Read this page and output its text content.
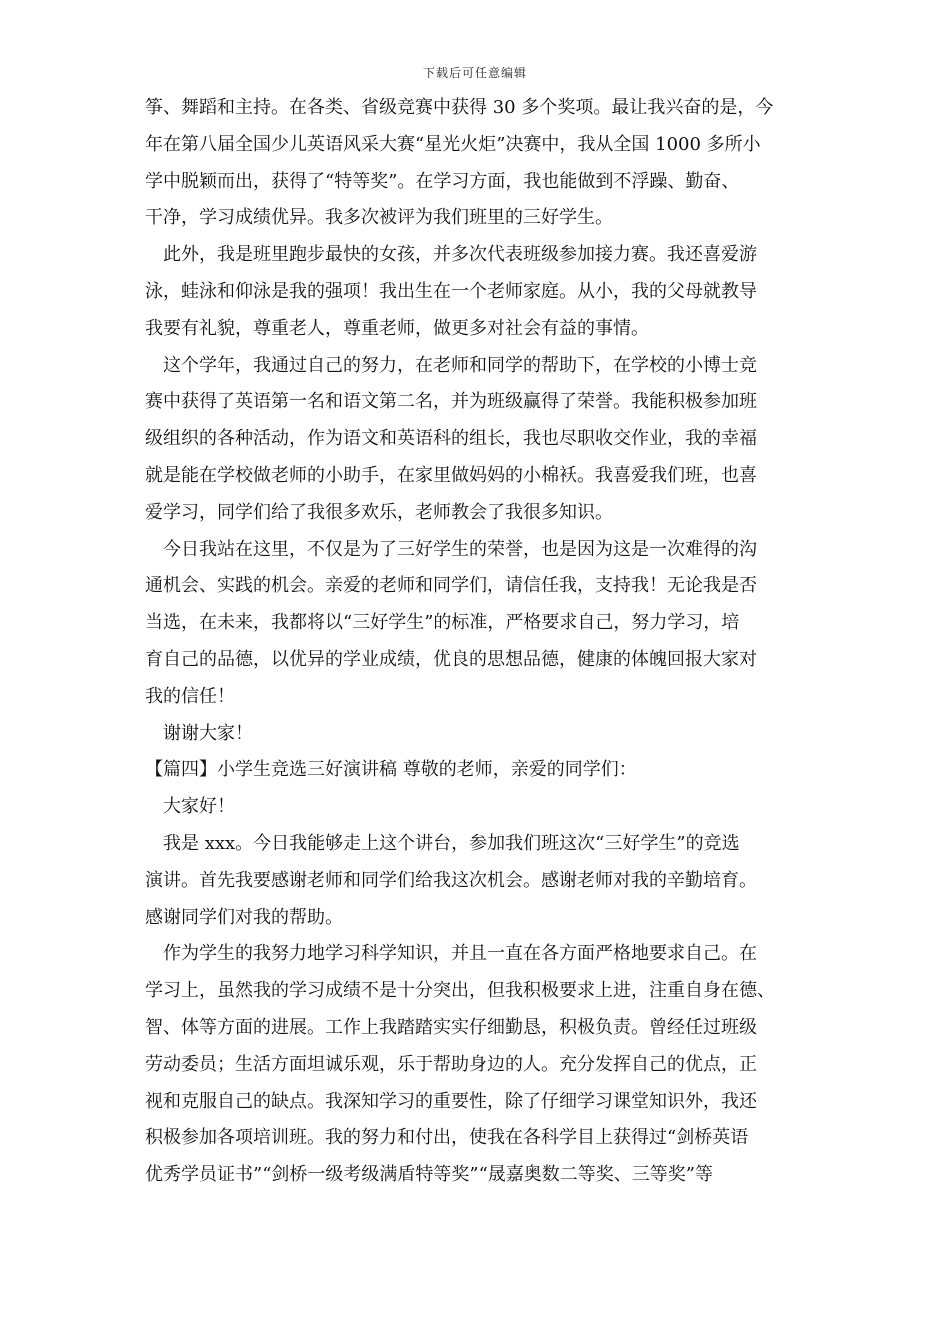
下载后可任意编辑
筝、舞蹈和主持。在各类、省级竞赛中获得 30 多个奖项。最让我兴奋的是，今
年在第八届全国少儿英语风采大赛“星光火炬”决赛中，我从全国 1000 多所小
学中脱颖而出，获得了“特等奖”。在学习方面，我也能做到不浮躁、勤奋、
干净，学习成绩优异。我多次被评为我们班里的三好学生。
此外，我是班里跑步最快的女孩，并多次代表班级参加接力赛。我还喜爱游
泳，蛙泳和仰泳是我的强项！我出生在一个老师家庭。从小，我的父母就教导
我要有礼貌，尊重老人，尊重老师，做更多对社会有益的事情。
这个学年，我通过自己的努力，在老师和同学的帮助下，在学校的小博士竞
赛中获得了英语第一名和语文第二名，并为班级赢得了荣誉。我能积极参加班
级组织的各种活动，作为语文和英语科的组长，我也尽职收交作业，我的幸福
就是能在学校做老师的小助手，在家里做妈妈的小棉袄。我喜爱我们班，也喜
爱学习，同学们给了我很多欢乐，老师教会了我很多知识。
今日我站在这里，不仅是为了三好学生的荣誉，也是因为这是一次难得的沟
通机会、实践的机会。亲爱的老师和同学们，请信任我，支持我！无论我是否
当选，在未来，我都将以“三好学生”的标准，严格要求自己，努力学习，培
育自己的品德，以优异的学业成绩，优良的思想品德，健康的体魄回报大家对
我的信任！
谢谢大家！
【篇四】小学生竞选三好演讲稿 尊敬的老师，亲爱的同学们：
大家好！
我是 xxx。今日我能够走上这个讲台，参加我们班这次“三好学生”的竞选
演讲。首先我要感谢老师和同学们给我这次机会。感谢老师对我的辛勤培育。
感谢同学们对我的帮助。
作为学生的我努力地学习科学知识，并且一直在各方面严格地要求自己。在
学习上，虽然我的学习成绩不是十分突出，但我积极要求上进，注重自身在德、
智、体等方面的进展。工作上我踏踏实实仔细勤恳，积极负责。曾经任过班级
劳动委员；生活方面坦诚乐观，乐于帮助身边的人。充分发挥自己的优点，正
视和克服自己的缺点。我深知学习的重要性，除了仔细学习课堂知识外，我还
积极参加各项培训班。我的努力和付出，使我在各科学目上获得过“剑桥英语
优秀学员证书”“剑桥一级考级满盾特等奖”“晟嘉奥数二等奖、三等奖”等
